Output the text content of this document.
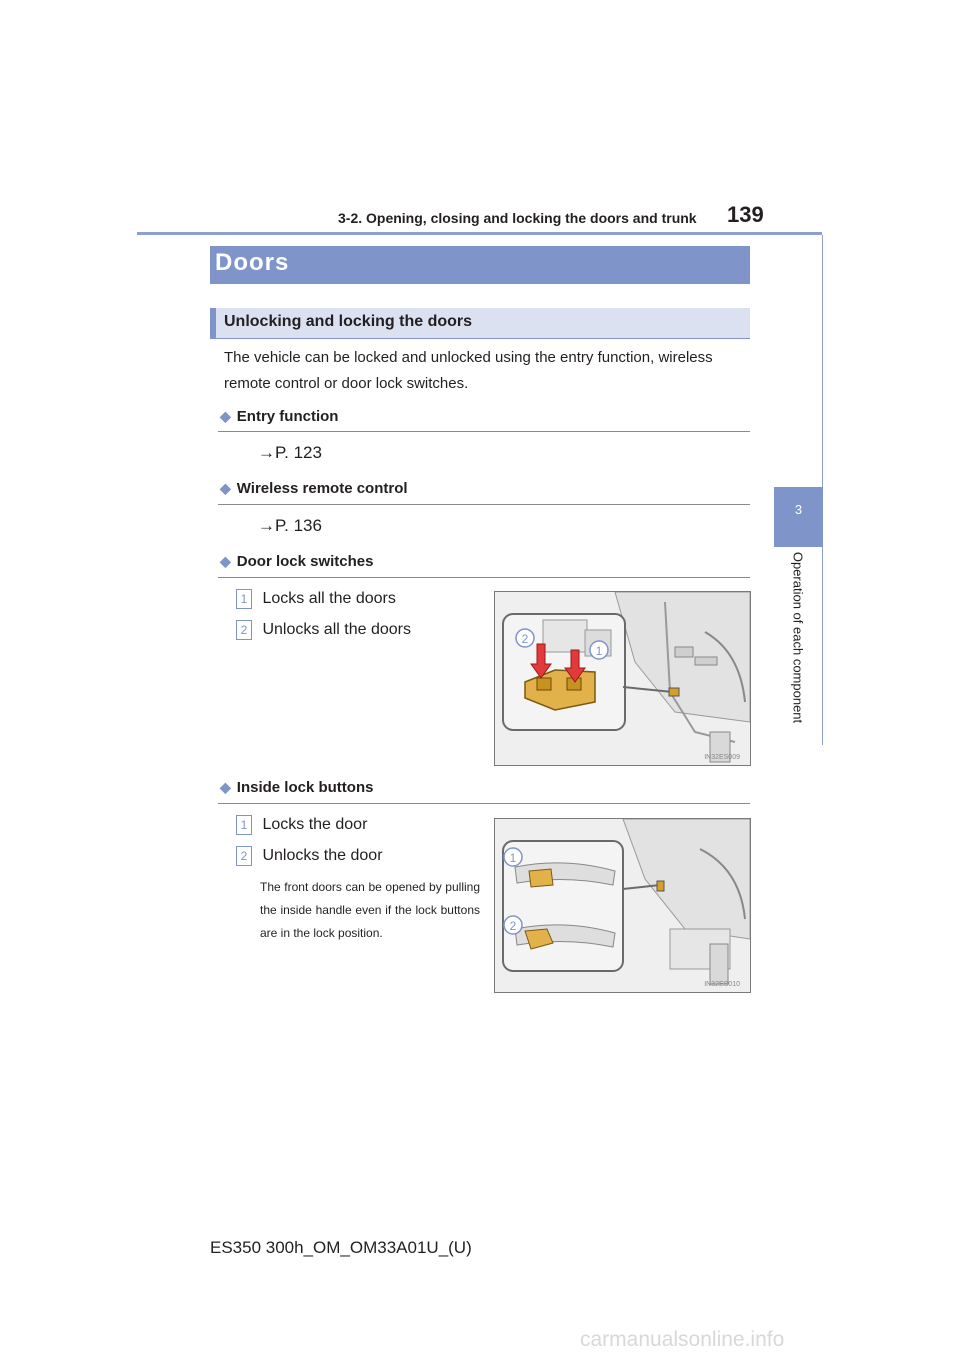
3-2. Opening, closing and locking the doors and trunk 139
3
Operation of each component
Doors
Unlocking and locking the doors
The vehicle can be locked and unlocked using the entry function, wireless remote control or door lock switches.
◆ Entry function
→P. 123
◆ Wireless remote control
→P. 136
◆ Door lock switches
1 Locks all the doors
2 Unlocks all the doors
2
1
IN32ES009
◆ Inside lock buttons
1 Locks the door
2 Unlocks the door
The front doors can be opened by pulling the inside handle even if the lock buttons are in the lock position.
1
2
IN32ES010
ES350 300h_OM_OM33A01U_(U)
carmanualsonline.info
